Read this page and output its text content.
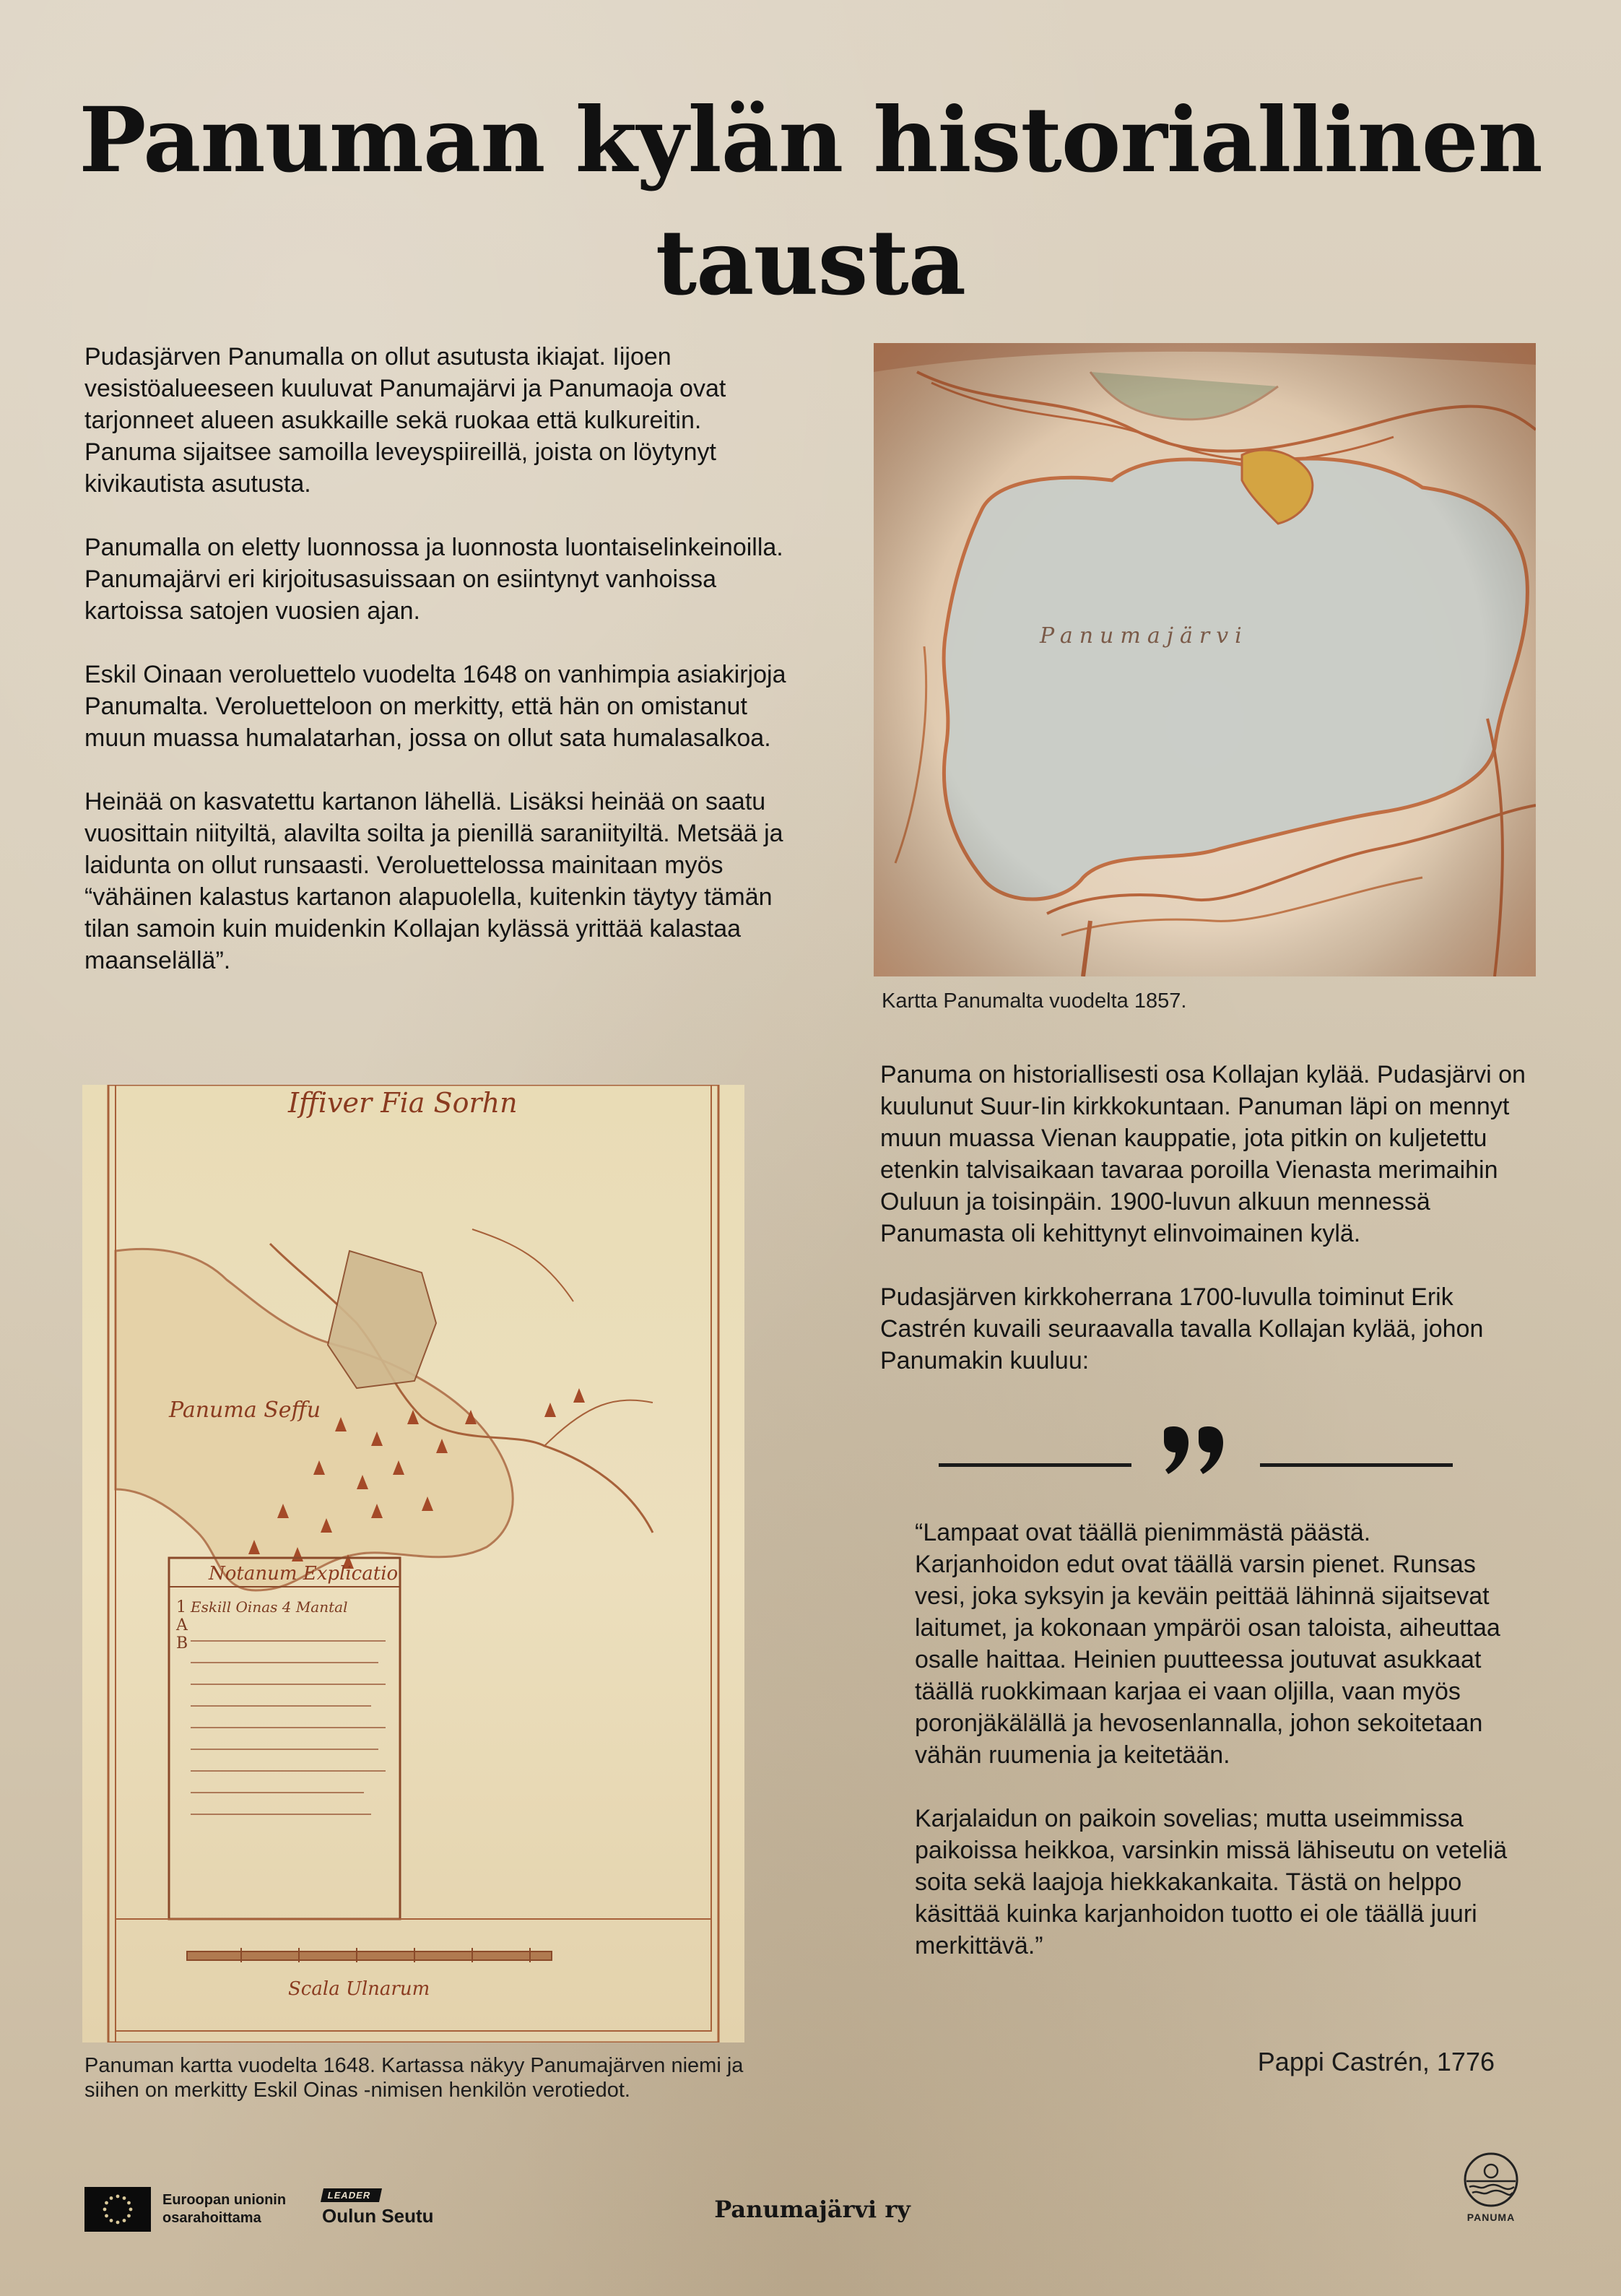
Panuman kylän historiallinen tausta

Pudasjärven Panumalla on ollut asutusta ikiajat. Iijoen vesistöalueeseen kuuluvat Panumajärvi ja Panumaoja ovat tarjonneet alueen asukkaille sekä ruokaa että kulkureitin. Panuma sijaitsee samoilla leveyspiireillä, joista on löytynyt kivikautista asutusta.

Panumalla on eletty luonnossa ja luonnosta luontaiselinkeinoilla. Panumajärvi eri kirjoitusasuissaan on esiintynyt vanhoissa kartoissa satojen vuosien ajan.

Eskil Oinaan veroluettelo vuodelta 1648 on vanhimpia asiakirjoja Panumalta. Veroluetteloon on merkitty, että hän on omistanut muun muassa humalatarhan, jossa on ollut sata humalasalkoa.

Heinää on kasvatettu kartanon lähellä. Lisäksi heinää on saatu vuosittain niityiltä, alavilta soilta ja pienillä saraniityiltä. Metsää ja laidunta on ollut runsaasti. Veroluettelossa mainitaan myös “vähäinen kalastus kartanon alapuolella, kuitenkin täytyy tämän tilan samoin kuin muidenkin Kollajan kylässä yrittää kalastaa maanselällä”.

Kartta Panumalta vuodelta 1857.

Iffiver Fia Sorhn
Panuma Seffu
Notanum Explicatio
1
A
B
Eskill Oinas 4 Mantal
Scala Ulnarum

Panuman kartta vuodelta 1648. Kartassa näkyy Panumajärven niemi ja siihen on merkitty Eskil Oinas -nimisen henkilön verotiedot.

Panuma on historiallisesti osa Kollajan kylää. Pudasjärvi on kuulunut Suur-Iin kirkkokuntaan. Panuman läpi on mennyt muun muassa Vienan kauppatie, jota pitkin on kuljetettu etenkin talvisaikaan tavaraa poroilla Vienasta merimaihin Ouluun ja toisinpäin. 1900-luvun alkuun mennessä Panumasta oli kehittynyt elinvoimainen kylä.

Pudasjärven kirkkoherrana 1700-luvulla toiminut Erik Castrén kuvaili seuraavalla tavalla Kollajan kylää, johon Panumakin kuuluu:

“Lampaat ovat täällä pienimmästä päästä. Karjanhoidon edut ovat täällä varsin pienet. Runsas vesi, joka syksyin ja keväin peittää lähinnä sijaitsevat laitumet, ja kokonaan ympäröi osan taloista, aiheuttaa osalle haittaa. Heinien puutteessa joutuvat asukkaat täällä ruokkimaan karjaa ei vaan oljilla, vaan myös poronjäkälällä ja hevosenlannalla, johon sekoitetaan vähän ruumenia ja keitetään.

Karjalaidun on paikoin sovelias; mutta useimmissa paikoissa heikkoa, varsinkin missä lähiseutu on veteliä soita sekä laajoja hiekkakankaita. Tästä on helppo käsittää kuinka karjanhoidon tuotto ei ole täällä juuri merkittävä.”

Pappi Castrén, 1776

Euroopan unionin
osarahoittama
LEADER
Oulun Seutu	Panumajärvi ry	PANUMA
